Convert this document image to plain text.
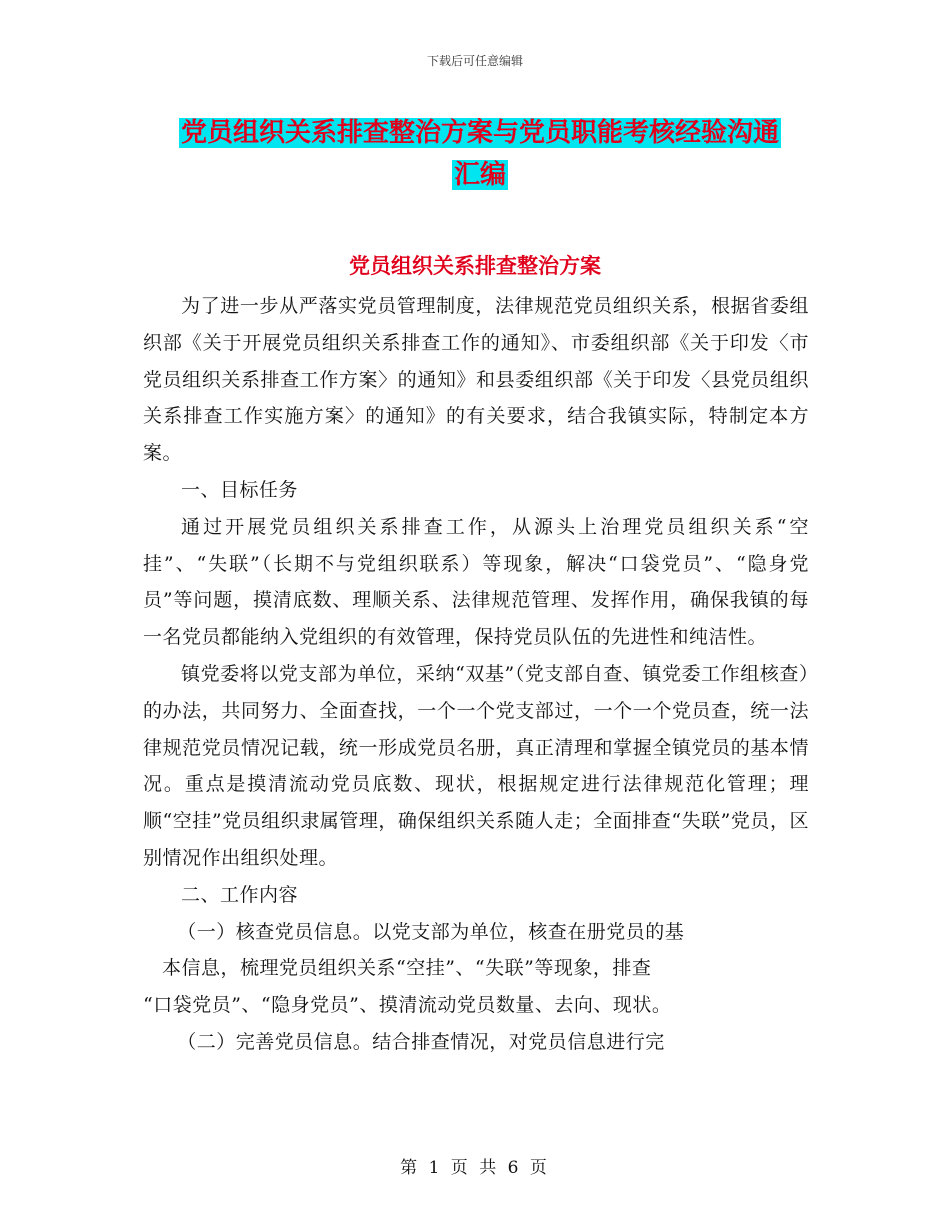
下载后可任意编辑
党员组织关系排查整治方案与党员职能考核经验沟通
汇编
党员组织关系排查整治方案

为了进一步从严落实党员管理制度，法律规范党员组织关系，根据省委组织部《关于开展党员组织关系排查工作的通知》、市委组织部《关于印发〈市党员组织关系排查工作方案〉的通知》和县委组织部《关于印发〈县党员组织关系排查工作实施方案〉的通知》的有关要求，结合我镇实际，特制定本方案。

一、目标任务

通过开展党员组织关系排查工作，从源头上治理党员组织关系“空挂”、“失联”（长期不与党组织联系）等现象，解决“口袋党员”、“隐身党员”等问题，摸清底数、理顺关系、法律规范管理、发挥作用，确保我镇的每一名党员都能纳入党组织的有效管理，保持党员队伍的先进性和纯洁性。

镇党委将以党支部为单位，采纳“双基”（党支部自查、镇党委工作组核查）的办法，共同努力、全面查找，一个一个党支部过，一个一个党员查，统一法律规范党员情况记载，统一形成党员名册，真正清理和掌握全镇党员的基本情况。重点是摸清流动党员底数、现状，根据规定进行法律规范化管理；理顺“空挂”党员组织隶属管理，确保组织关系随人走；全面排查“失联”党员，区别情况作出组织处理。

二、工作内容

（一）核查党员信息。以党支部为单位，核查在册党员的基

本信息，梳理党员组织关系“空挂”、“失联”等现象，排查

“口袋党员”、“隐身党员”、摸清流动党员数量、去向、现状。

（二）完善党员信息。结合排查情况，对党员信息进行完

第 1 页 共 6 页
